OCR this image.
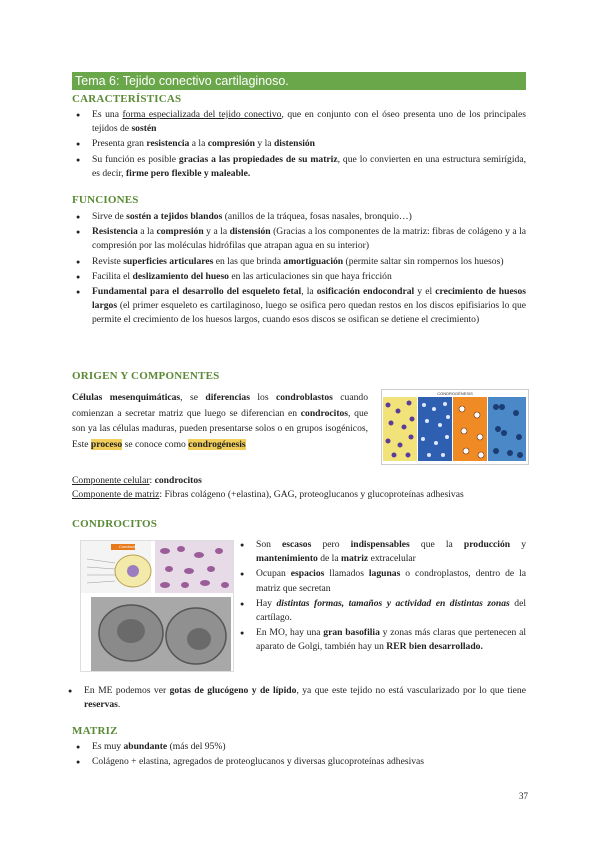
Tema 6: Tejido conectivo cartilaginoso.
CARACTERÍSTICAS
● Es una forma especializada del tejido conectivo, que en conjunto con el óseo presenta uno de los principales tejidos de sostén
● Presenta gran resistencia a la compresión y la distensión
● Su función es posible gracias a las propiedades de su matriz, que lo convierten en una estructura semirígida, es decir, firme pero flexible y maleable.
FUNCIONES
● Sirve de sostén a tejidos blandos (anillos de la tráquea, fosas nasales, bronquio…)
● Resistencia a la compresión y a la distensión (Gracias a los componentes de la matriz: fibras de colágeno y a la compresión por las moléculas hidrófilas que atrapan agua en su interior)
● Reviste superficies articulares en las que brinda amortiguación (permite saltar sin rompernos los huesos)
● Facilita el deslizamiento del hueso en las articulaciones sin que haya fricción
● Fundamental para el desarrollo del esqueleto fetal, la osificación endocondral y el crecimiento de huesos largos (el primer esqueleto es cartilaginoso, luego se osifica pero quedan restos en los discos epifisiarios lo que permite el crecimiento de los huesos largos, cuando esos discos se osifican se detiene el crecimiento)
ORIGEN Y COMPONENTES
Células mesenquimáticas, se diferencias los condroblastos cuando comienzan a secretar matriz que luego se diferencian en condrocitos, que son ya las células maduras, pueden presentarse solos o en grupos isogénicos, Este proceso se conoce como condrogénesis
CONDROGÉNESIS
Componente celular: condrocitos
Componente de matriz: Fibras colágeno (+elastina), GAG, proteoglucanos y glucoproteínas adhesivas
CONDROCITOS
Condrocito
●	Son escasos pero indispensables que la producción y mantenimiento de la matriz extracelular
● Ocupan espacios llamados lagunas o condroplastos, dentro de la matriz que secretan
● Hay distintas formas, tamaños y actividad en distintas zonas del cartílago.
● En MO, hay una gran basofilia y zonas más claras que pertenecen al aparato de Golgi, también hay un RER bien desarrollado.
● En ME podemos ver gotas de glucógeno y de lípido, ya que este tejido no está vascularizado por lo que tiene reservas.
MATRIZ
● Es muy abundante (más del 95%)
● Colágeno + elastina, agregados de proteoglucanos y diversas glucoproteínas adhesivas
37
